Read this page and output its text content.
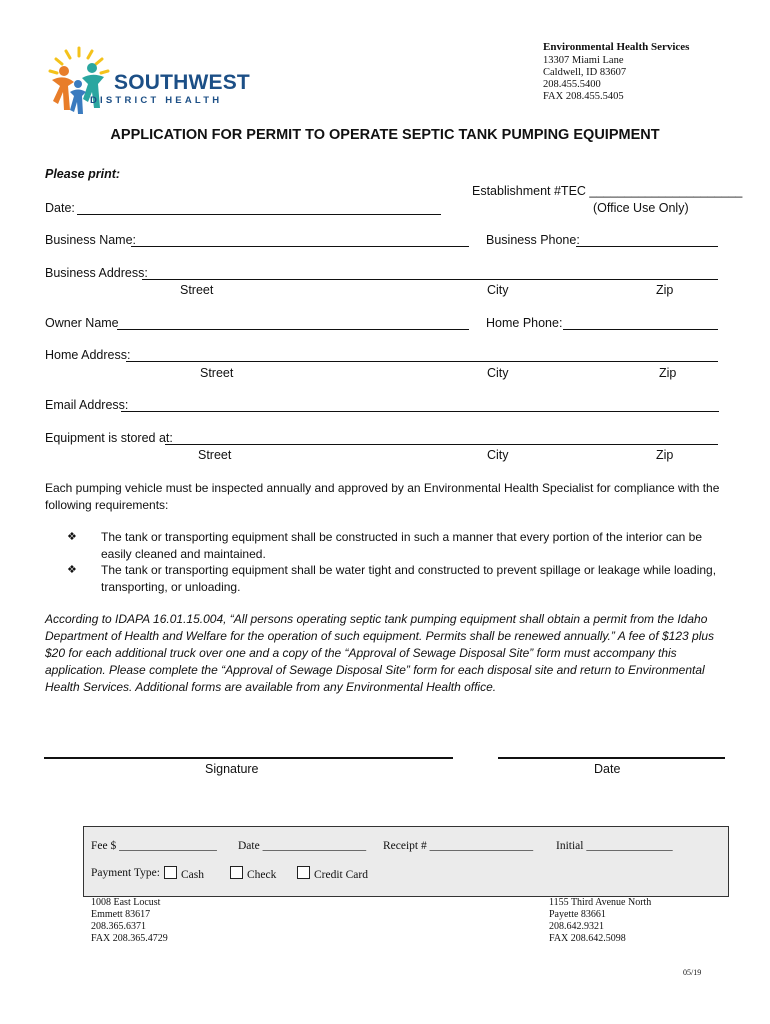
SOUTHWEST
DISTRICT HEALTH
Environmental Health Services
13307 Miami Lane
Caldwell, ID 83607
208.455.5400
FAX 208.455.5405
APPLICATION FOR PERMIT TO OPERATE SEPTIC TANK PUMPING EQUIPMENT
Please print:
Establishment #TEC ______________________
(Office Use Only)
Date:
Business Name:	Business Phone:
Business Address:
Street	City	Zip
Owner Name	Home Phone:
Home Address:
Street	City	Zip
Email Address:
Equipment is stored at:
Street	City	Zip
Each pumping vehicle must be inspected annually and approved by an Environmental Health Specialist for compliance with the following requirements:
❖ The tank or transporting equipment shall be constructed in such a manner that every portion of the interior can be easily cleaned and maintained.
❖ The tank or transporting equipment shall be water tight and constructed to prevent spillage or leakage while loading, transporting, or unloading.
According to IDAPA 16.01.15.004, “All persons operating septic tank pumping equipment shall obtain a permit from the Idaho Department of Health and Welfare for the operation of such equipment. Permits shall be renewed annually.” A fee of $123 plus $20 for each additional truck over one and a copy of the “Approval of Sewage Disposal Site” form must accompany this application. Please complete the “Approval of Sewage Disposal Site” form for each disposal site and return to Environmental Health Services. Additional forms are available from any Environmental Health office.
Signature	Date
Fee $ _________________ Date __________________ Receipt # __________________ Initial _______________
Payment Type:	Cash	Check	Credit Card
1008 East Locust
Emmett 83617
208.365.6371
FAX 208.365.4729
1155 Third Avenue North
Payette 83661
208.642.9321
FAX 208.642.5098
05/19
